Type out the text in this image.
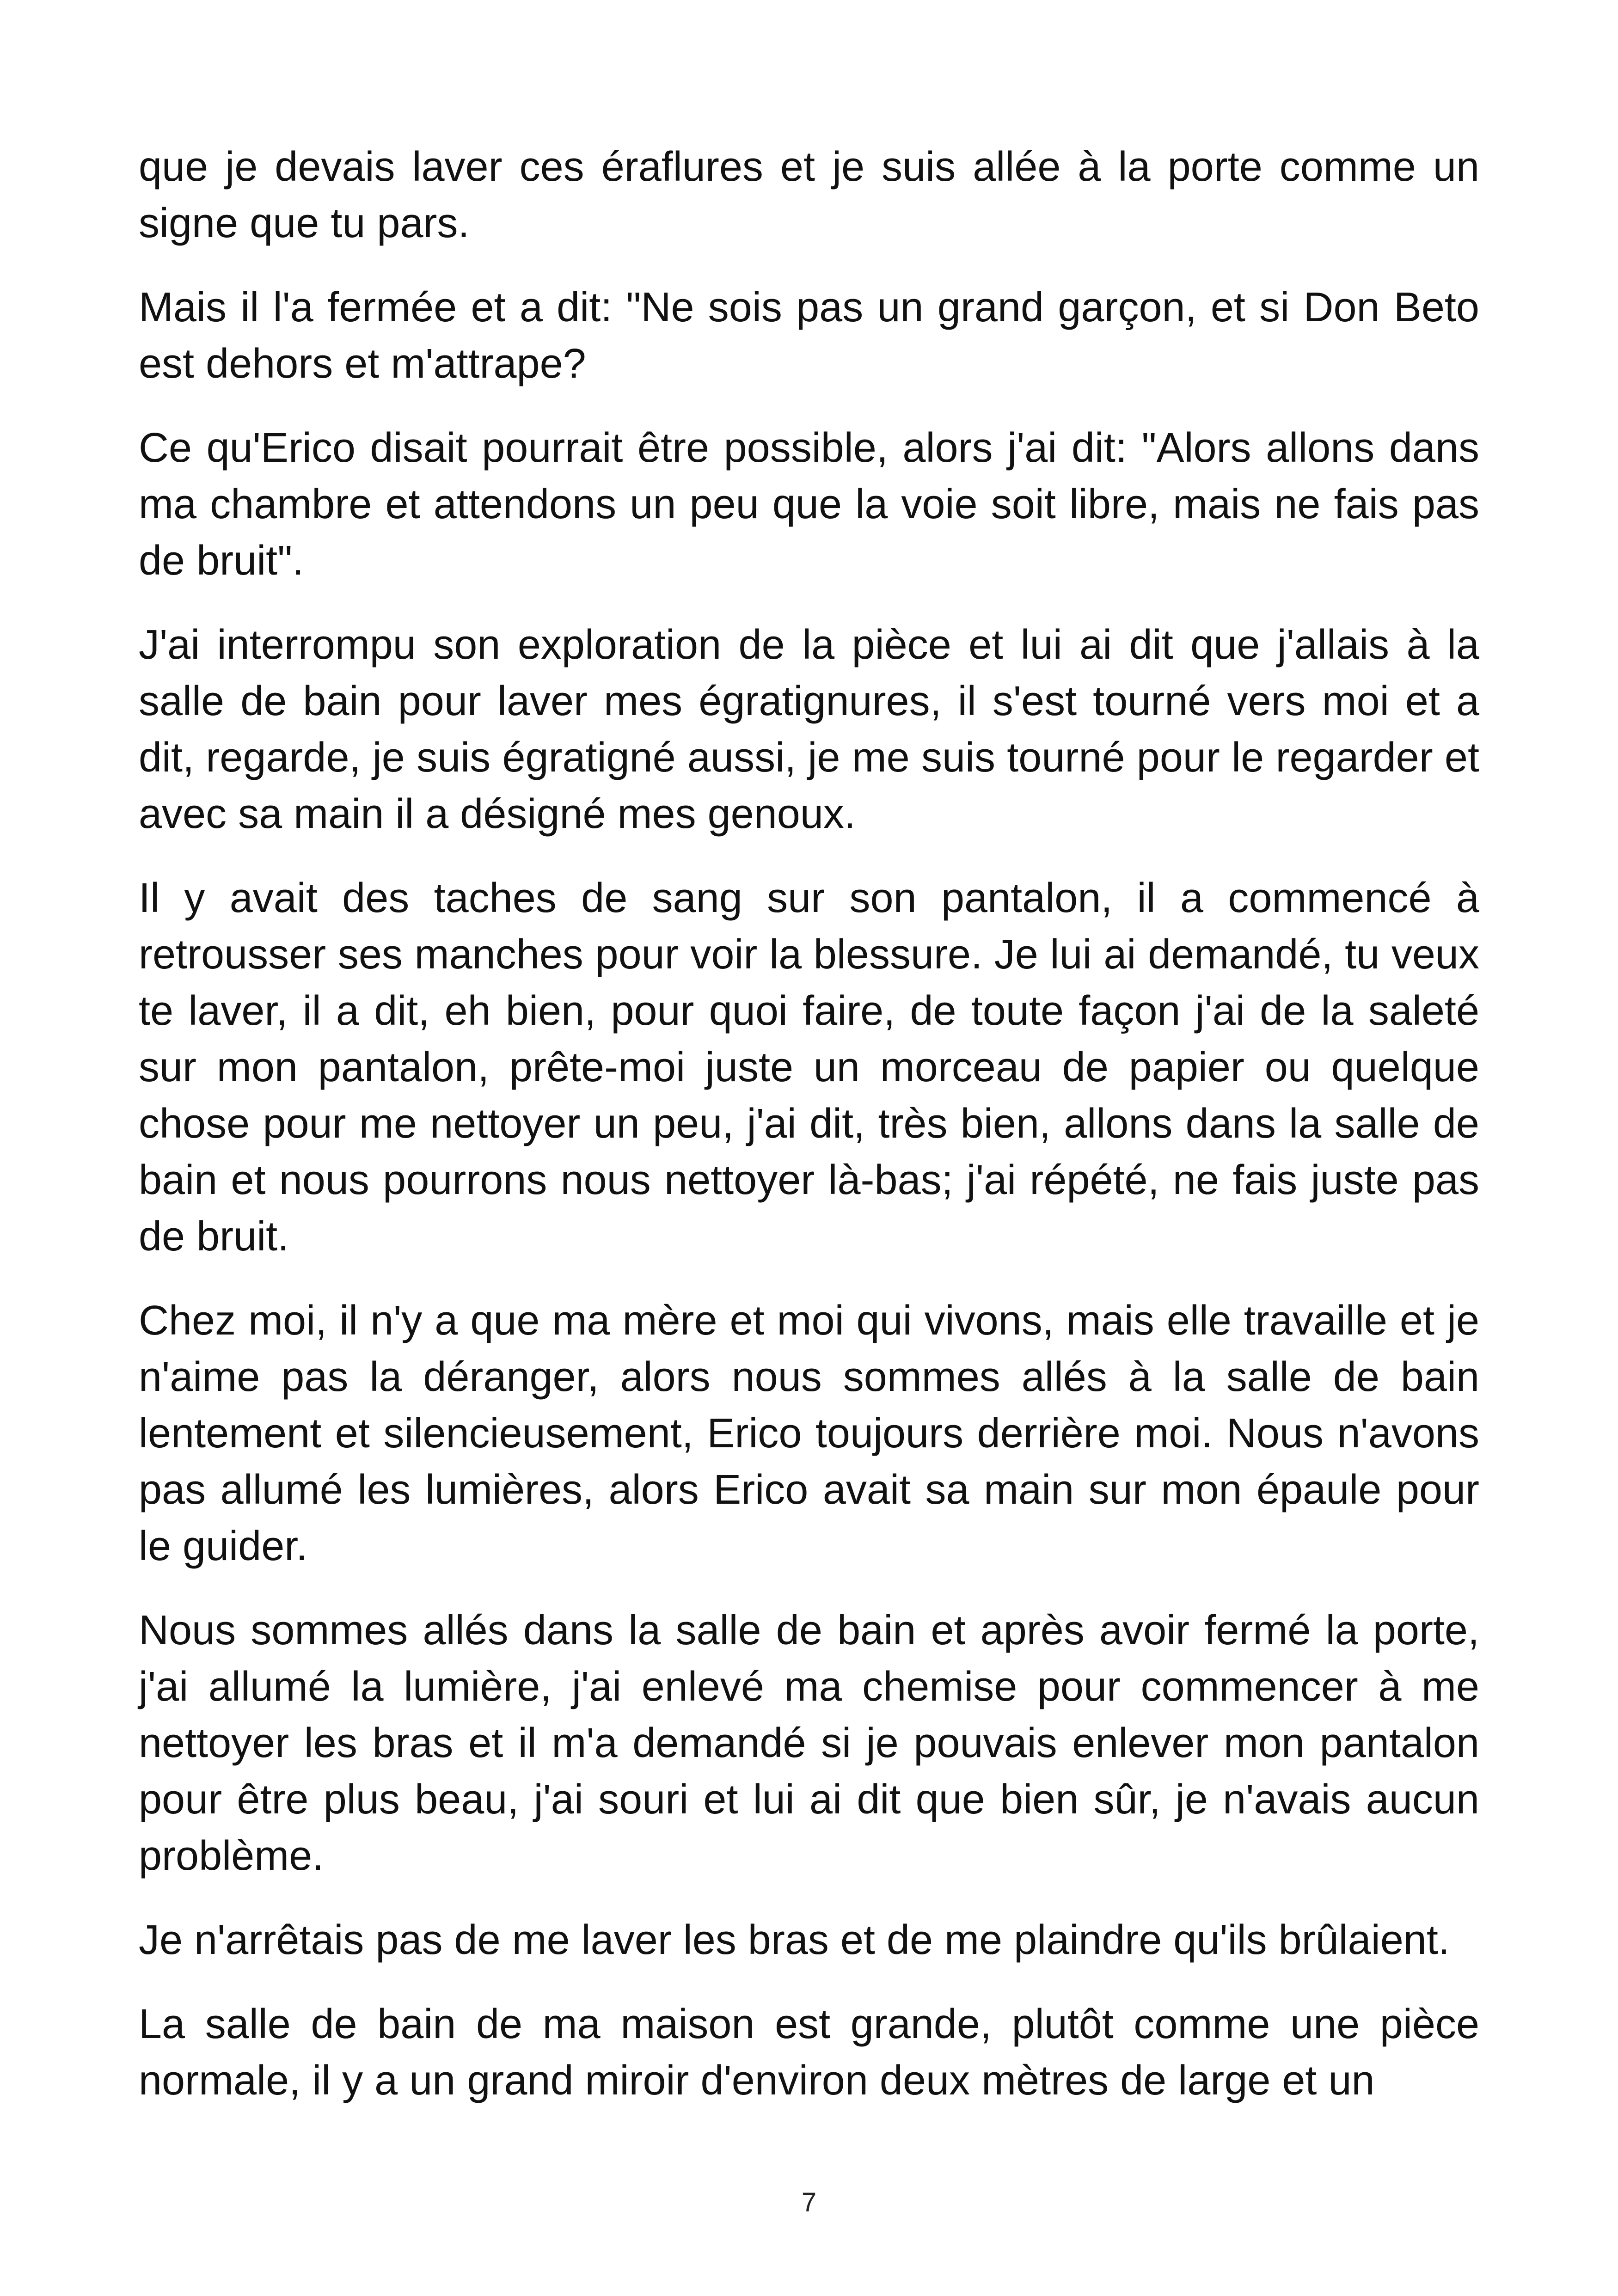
que je devais laver ces éraflures et je suis allée à la porte comme un signe que tu pars.

Mais il l'a fermée et a dit: "Ne sois pas un grand garçon, et si Don Beto est dehors et m'attrape?

Ce qu'Erico disait pourrait être possible, alors j'ai dit: "Alors allons dans ma chambre et attendons un peu que la voie soit libre, mais ne fais pas de bruit".

J'ai interrompu son exploration de la pièce et lui ai dit que j'allais à la salle de bain pour laver mes égratignures, il s'est tourné vers moi et a dit, regarde, je suis égratigné aussi, je me suis tourné pour le regarder et avec sa main il a désigné mes genoux.

Il y avait des taches de sang sur son pantalon, il a commencé à retrousser ses manches pour voir la blessure. Je lui ai demandé, tu veux te laver, il a dit, eh bien, pour quoi faire, de toute façon j'ai de la saleté sur mon pantalon, prête-moi juste un morceau de papier ou quelque chose pour me nettoyer un peu, j'ai dit, très bien, allons dans la salle de bain et nous pourrons nous nettoyer là-bas; j'ai répété, ne fais juste pas de bruit.

Chez moi, il n'y a que ma mère et moi qui vivons, mais elle travaille et je n'aime pas la déranger, alors nous sommes allés à la salle de bain lentement et silencieusement, Erico toujours derrière moi. Nous n'avons pas allumé les lumières, alors Erico avait sa main sur mon épaule pour le guider.

Nous sommes allés dans la salle de bain et après avoir fermé la porte, j'ai allumé la lumière, j'ai enlevé ma chemise pour commencer à me nettoyer les bras et il m'a demandé si je pouvais enlever mon pantalon pour être plus beau, j'ai souri et lui ai dit que bien sûr, je n'avais aucun problème.

Je n'arrêtais pas de me laver les bras et de me plaindre qu'ils brûlaient.

La salle de bain de ma maison est grande, plutôt comme une pièce normale, il y a un grand miroir d'environ deux mètres de large et un

7
